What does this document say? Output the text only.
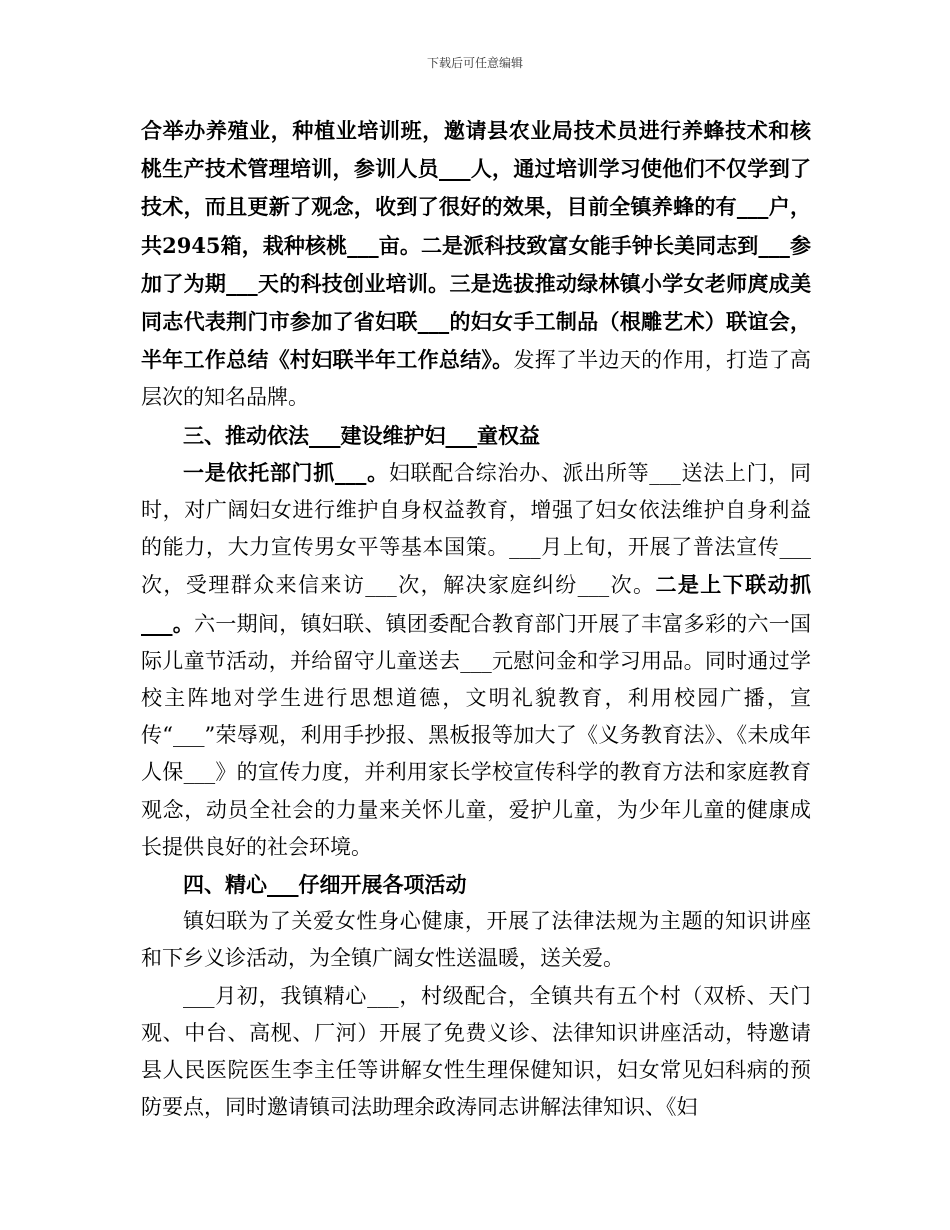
下载后可任意编辑

合举办养殖业，种植业培训班，邀请县农业局技术员进行养蜂技术和核桃生产技术管理培训，参训人员___人，通过培训学习使他们不仅学到了技术，而且更新了观念，收到了很好的效果，目前全镇养蜂的有___户，共2945箱，栽种核桃___亩。二是派科技致富女能手钟长美同志到___参加了为期___天的科技创业培训。三是选拔推动绿林镇小学女老师庹成美同志代表荆门市参加了省妇联___的妇女手工制品（根雕艺术）联谊会，半年工作总结《村妇联半年工作总结》。发挥了半边天的作用，打造了高层次的知名品牌。

三、推动依法___建设维护妇___童权益

一是依托部门抓___。妇联配合综治办、派出所等___送法上门，同时，对广阔妇女进行维护自身权益教育，增强了妇女依法维护自身利益的能力，大力宣传男女平等基本国策。___月上旬，开展了普法宣传___次，受理群众来信来访___次，解决家庭纠纷___次。二是上下联动抓___。六一期间，镇妇联、镇团委配合教育部门开展了丰富多彩的六一国际儿童节活动，并给留守儿童送去___元慰问金和学习用品。同时通过学校主阵地对学生进行思想道德，文明礼貌教育，利用校园广播，宣传“___”荣辱观，利用手抄报、黑板报等加大了《义务教育法》、《未成年人保___》的宣传力度，并利用家长学校宣传科学的教育方法和家庭教育观念，动员全社会的力量来关怀儿童，爱护儿童，为少年儿童的健康成长提供良好的社会环境。

四、精心___仔细开展各项活动

镇妇联为了关爱女性身心健康，开展了法律法规为主题的知识讲座和下乡义诊活动，为全镇广阔女性送温暖，送关爱。

___月初，我镇精心___，村级配合，全镇共有五个村（双桥、天门观、中台、高枧、厂河）开展了免费义诊、法律知识讲座活动，特邀请县人民医院医生李主任等讲解女性生理保健知识，妇女常见妇科病的预防要点，同时邀请镇司法助理余政涛同志讲解法律知识、《妇
